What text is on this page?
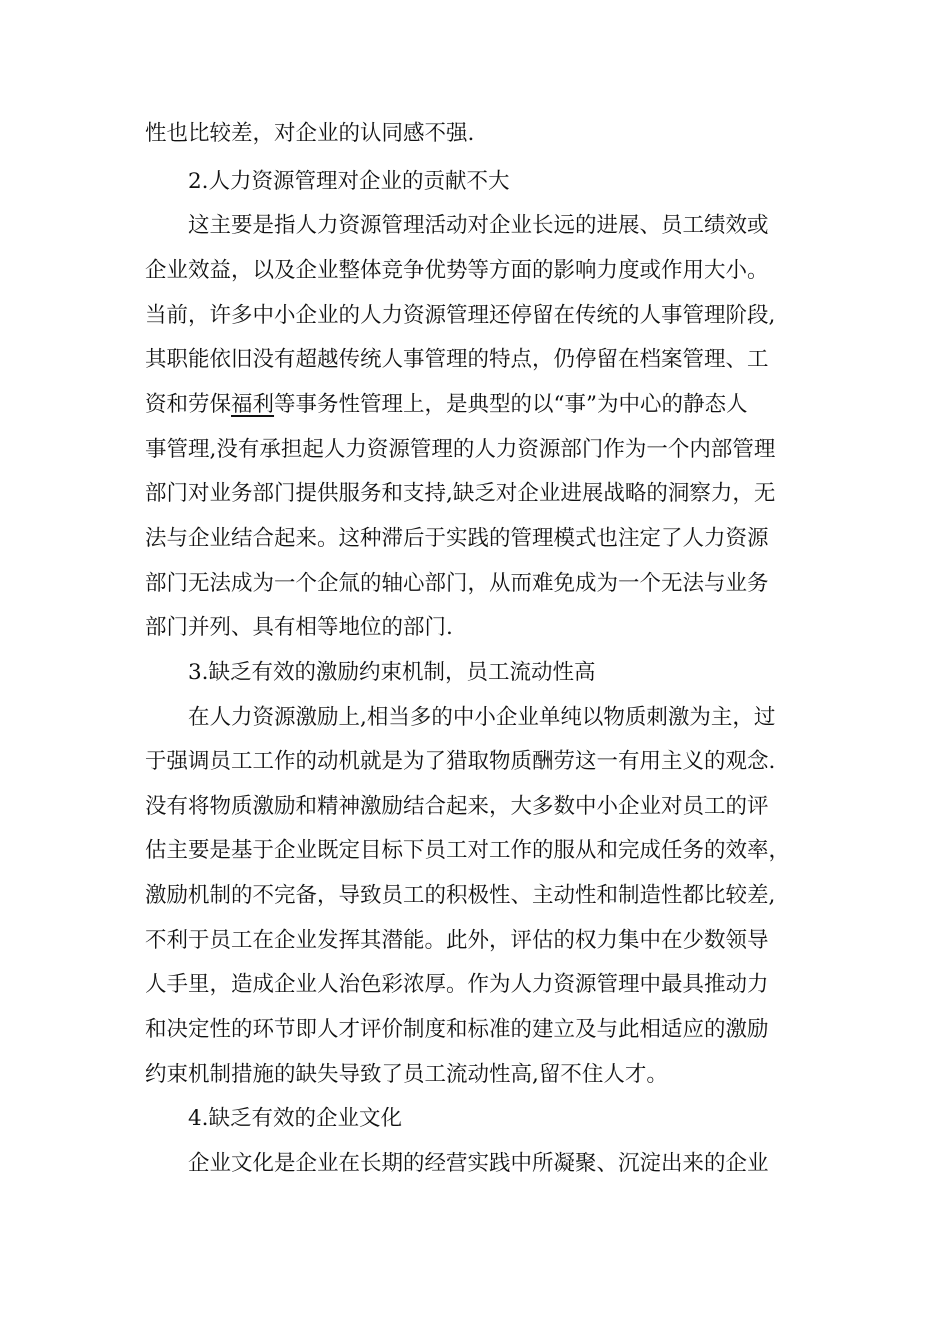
性也比较差，对企业的认同感不强.
2.人力资源管理对企业的贡献不大
这主要是指人力资源管理活动对企业长远的进展、员工绩效或
企业效益，以及企业整体竞争优势等方面的影响力度或作用大小。
当前，许多中小企业的人力资源管理还停留在传统的人事管理阶段,
其职能依旧没有超越传统人事管理的特点，仍停留在档案管理、工
资和劳保福利等事务性管理上，是典型的以“事”为中心的静态人
事管理,没有承担起人力资源管理的人力资源部门作为一个内部管理
部门对业务部门提供服务和支持,缺乏对企业进展战略的洞察力，无
法与企业结合起来。这种滞后于实践的管理模式也注定了人力资源
部门无法成为一个企氚的轴心部门，从而难免成为一个无法与业务
部门并列、具有相等地位的部门.
3.缺乏有效的激励约束机制，员工流动性高
在人力资源激励上,相当多的中小企业单纯以物质刺激为主，过
于强调员工工作的动机就是为了猎取物质酬劳这一有用主义的观念.
没有将物质激励和精神激励结合起来，大多数中小企业对员工的评
估主要是基于企业既定目标下员工对工作的服从和完成任务的效率，
激励机制的不完备，导致员工的积极性、主动性和制造性都比较差,
不利于员工在企业发挥其潜能。此外，评估的权力集中在少数领导
人手里，造成企业人治色彩浓厚。作为人力资源管理中最具推动力
和决定性的环节即人才评价制度和标准的建立及与此相适应的激励
约束机制措施的缺失导致了员工流动性高,留不住人才。
4.缺乏有效的企业文化
企业文化是企业在长期的经营实践中所凝聚、沉淀出来的企业
